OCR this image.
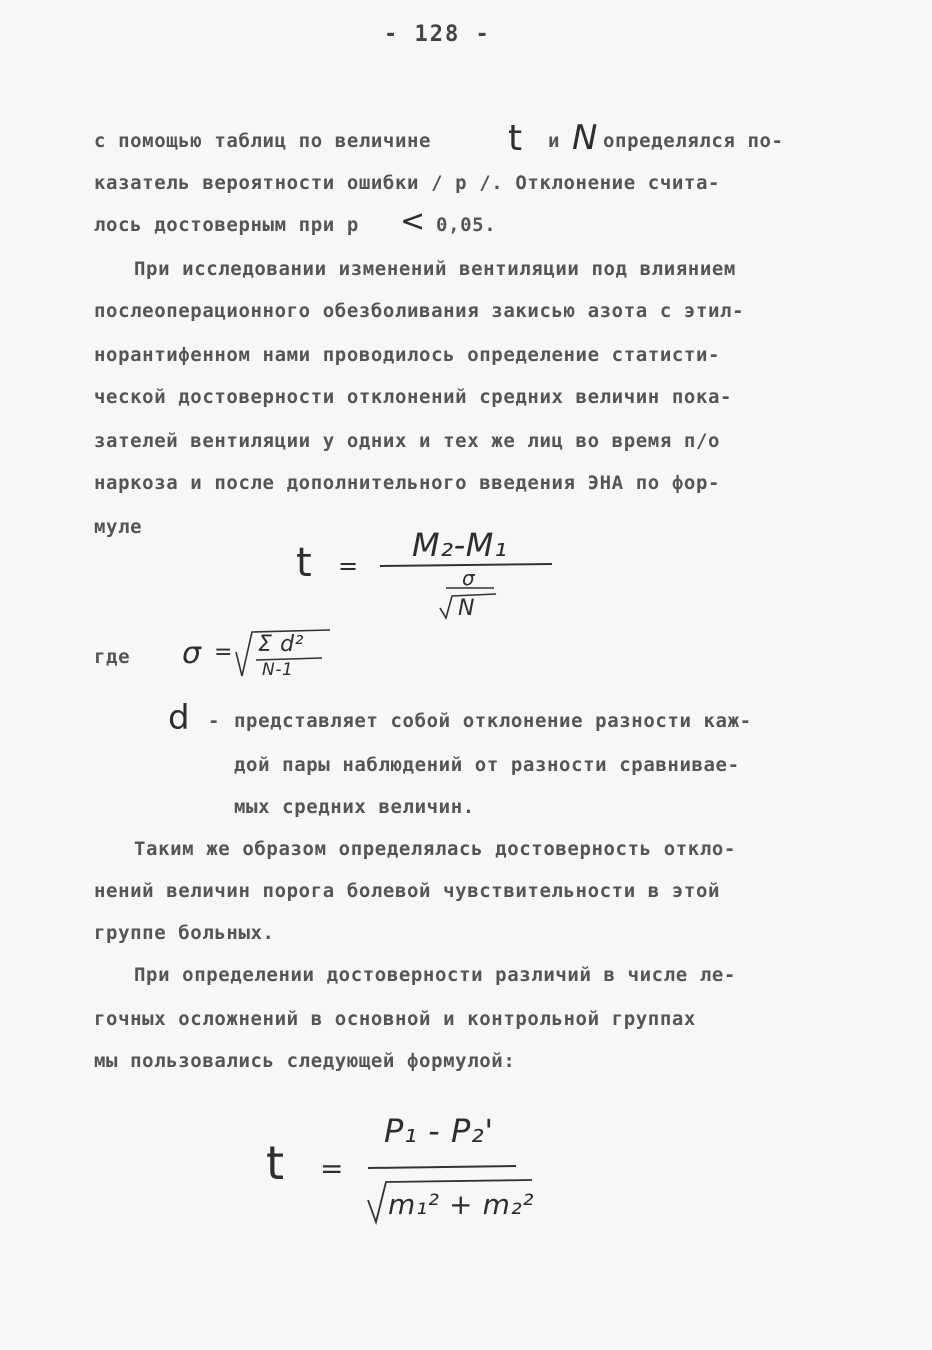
- 128 -
с помощью таблиц по величине t и N определялся по-
казатель вероятности ошибки / р /. Отклонение счита-
лось достоверным при р <
0,05.
При исследовании изменений вентиляции под влиянием
послеоперационного обезболивания закисью азота с этил-
норантифенном нами проводилось определение статисти-
ческой достоверности отклонений средних величин пока-
зателей вентиляции у одних и тех же лиц во время п/о
наркоза и после дополнительного введения ЭНА по фор-
муле
t =
M₂-M₁
σ
N
где σ = Σ d²
N-1
d - представляет собой отклонение разности каж-
дой пары наблюдений от разности сравнивае-
мых средних величин.
Таким же образом определялась достоверность откло-
нений величин порога болевой чувствительности в этой
группе больных.
При определении достоверности различий в числе ле-
гочных осложнений в основной и контрольной группах
мы пользовались следующей формулой:
t =
P₁ - P₂'
m₁² + m₂²
